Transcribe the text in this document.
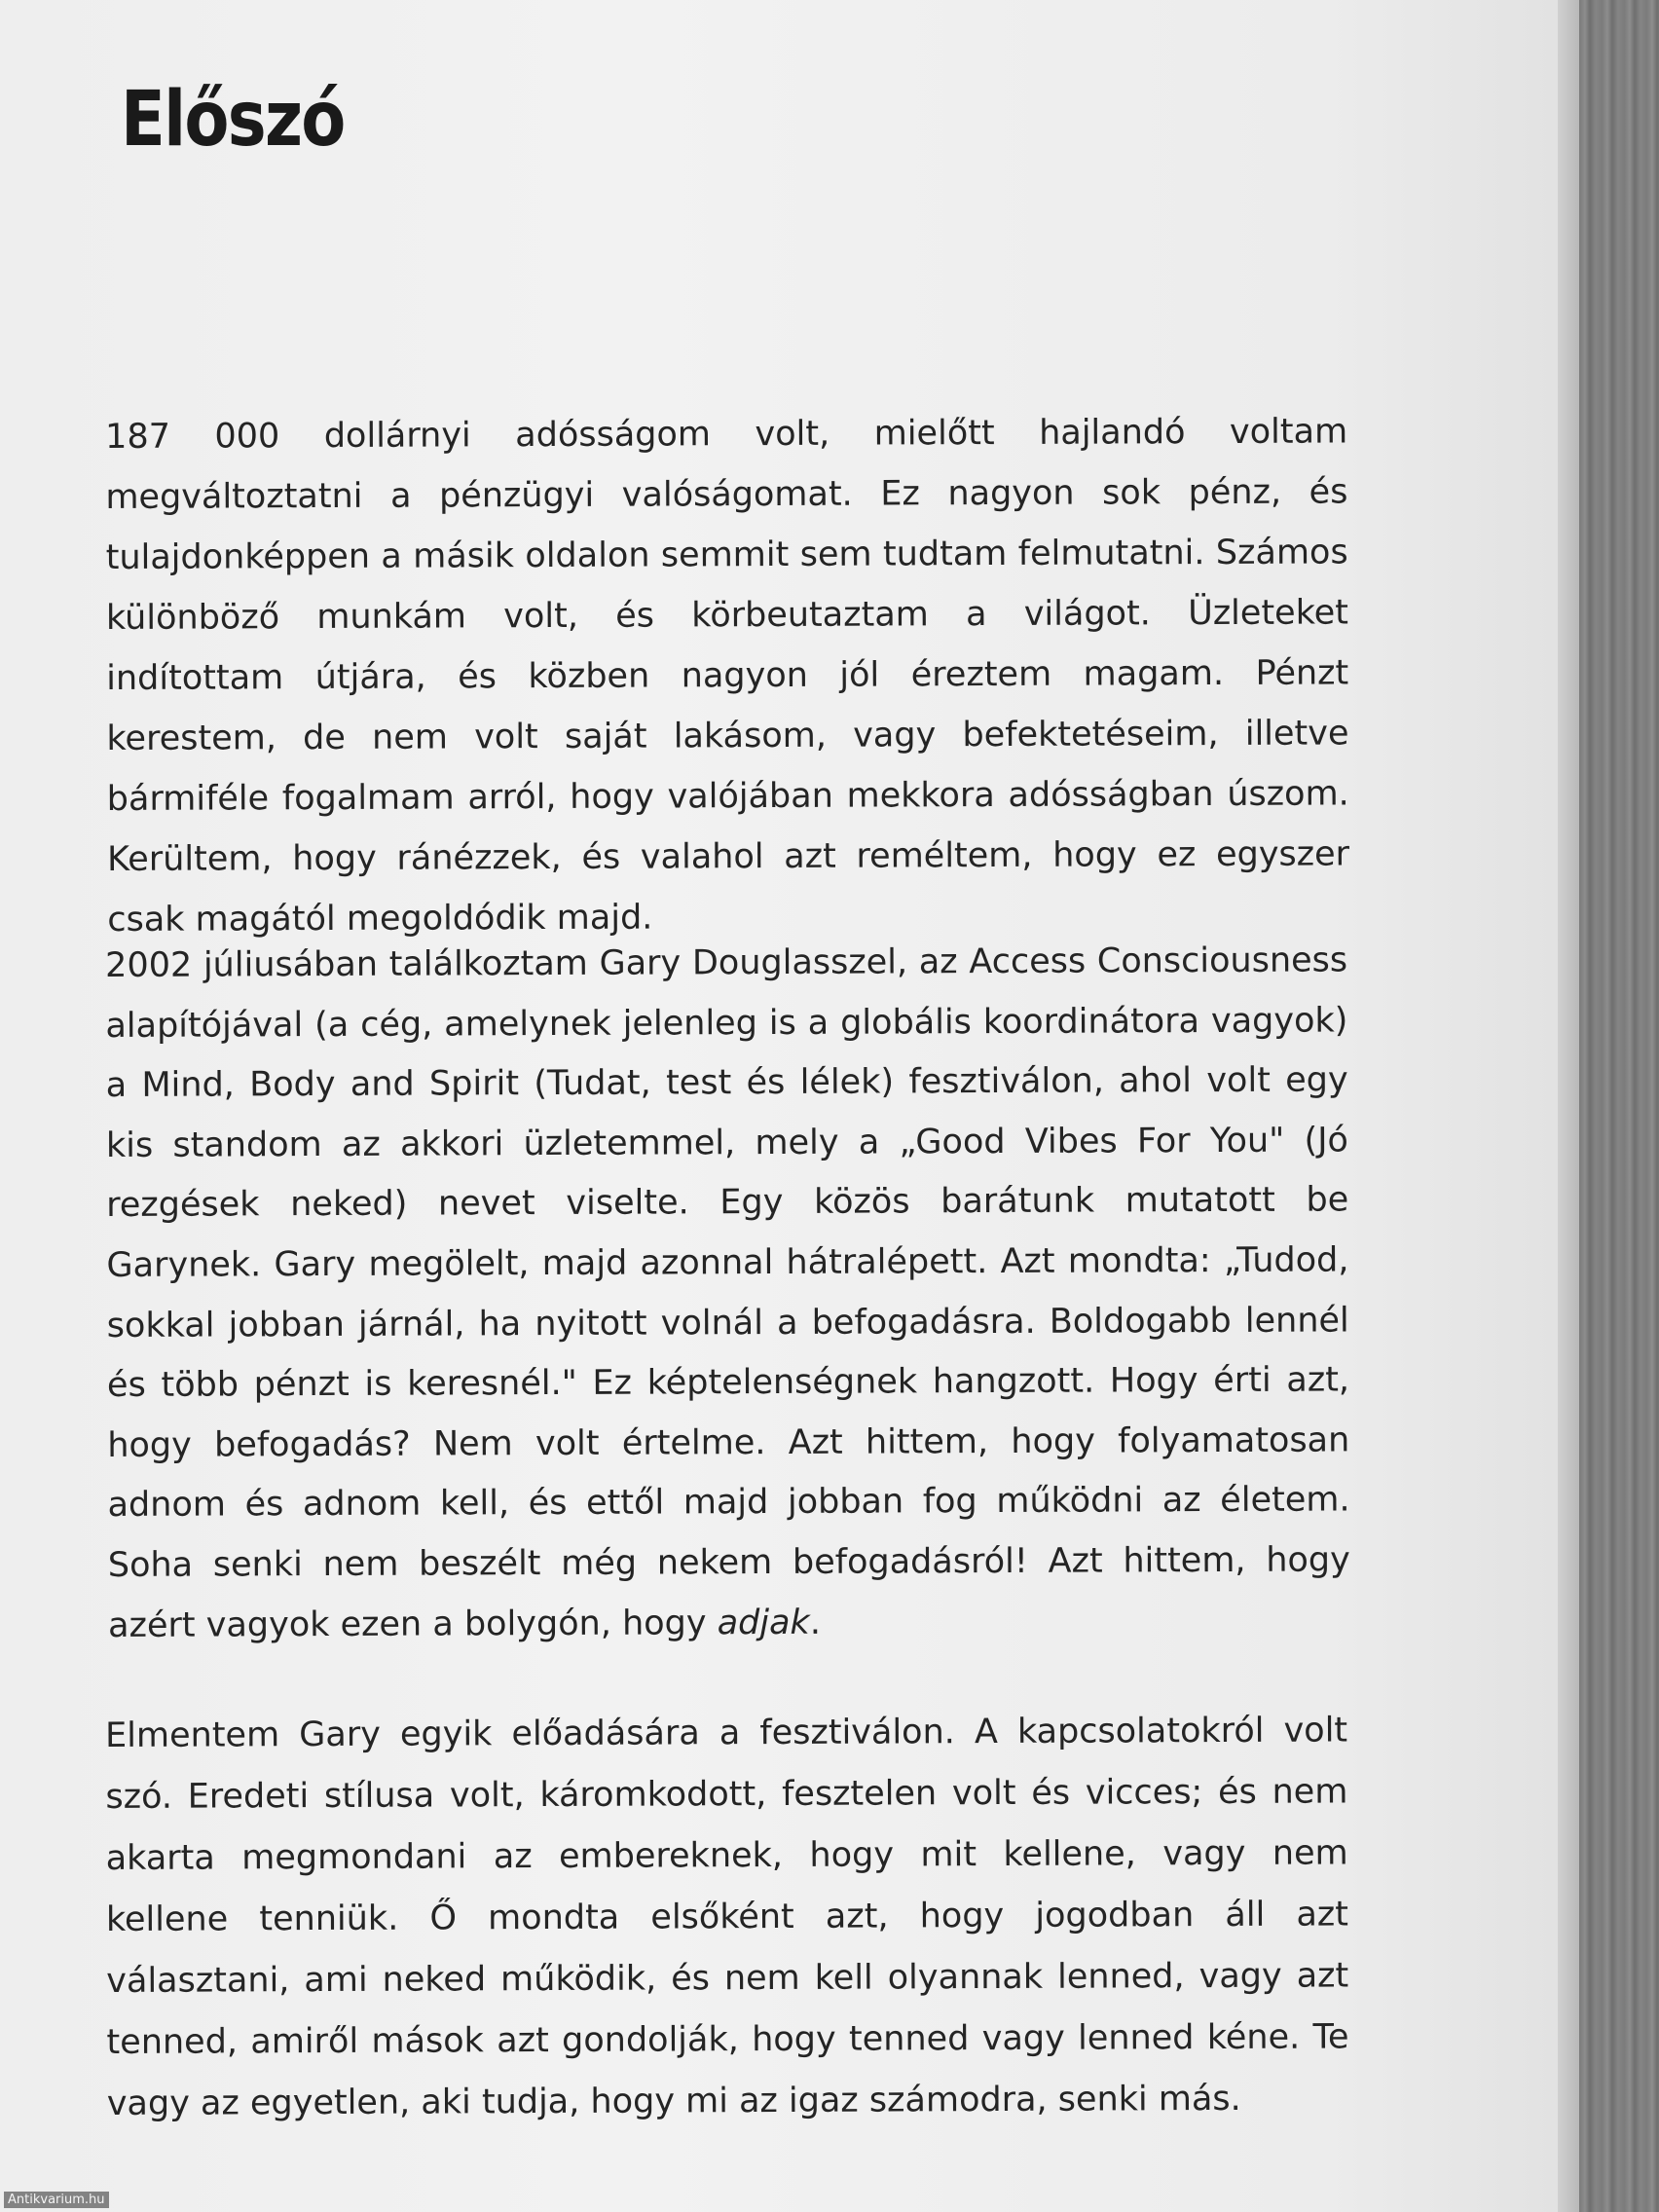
Előszó

187 000 dollárnyi adósságom volt, mielőtt hajlandó voltam megváltoztatni a pénzügyi valóságomat. Ez nagyon sok pénz, és tulajdonképpen a másik oldalon semmit sem tudtam felmutatni. Számos különböző munkám volt, és körbeutaztam a világot. Üzleteket indítottam útjára, és közben nagyon jól éreztem magam. Pénzt kerestem, de nem volt saját lakásom, vagy befektetéseim, illetve bármiféle fogalmam arról, hogy valójában mekkora adósságban úszom. Kerültem, hogy ránézzek, és valahol azt reméltem, hogy ez egyszer csak magától megoldódik majd.

2002 júliusában találkoztam Gary Douglasszel, az Access Consciousness alapítójával (a cég, amelynek jelenleg is a globális koordinátora vagyok) a Mind, Body and Spirit (Tudat, test és lélek) fesztiválon, ahol volt egy kis standom az akkori üzletemmel, mely a „Good Vibes For You" (Jó rezgések neked) nevet viselte. Egy közös barátunk mutatott be Garynek. Gary megölelt, majd azonnal hátralépett. Azt mondta: „Tudod, sokkal jobban járnál, ha nyitott volnál a befogadásra. Boldogabb lennél és több pénzt is keresnél." Ez képtelenségnek hangzott. Hogy érti azt, hogy befogadás? Nem volt értelme. Azt hittem, hogy folyamatosan adnom és adnom kell, és ettől majd jobban fog működni az életem. Soha senki nem beszélt még nekem befogadásról! Azt hittem, hogy azért vagyok ezen a bolygón, hogy adjak.

Elmentem Gary egyik előadására a fesztiválon. A kapcsolatokról volt szó. Eredeti stílusa volt, káromkodott, fesztelen volt és vicces; és nem akarta megmondani az embereknek, hogy mit kellene, vagy nem kellene tenniük. Ő mondta elsőként azt, hogy jogodban áll azt választani, ami neked működik, és nem kell olyannak lenned, vagy azt tenned, amiről mások azt gondolják, hogy tenned vagy lenned kéne. Te vagy az egyetlen, aki tudja, hogy mi az igaz számodra, senki más.

Antikvarium.hu
